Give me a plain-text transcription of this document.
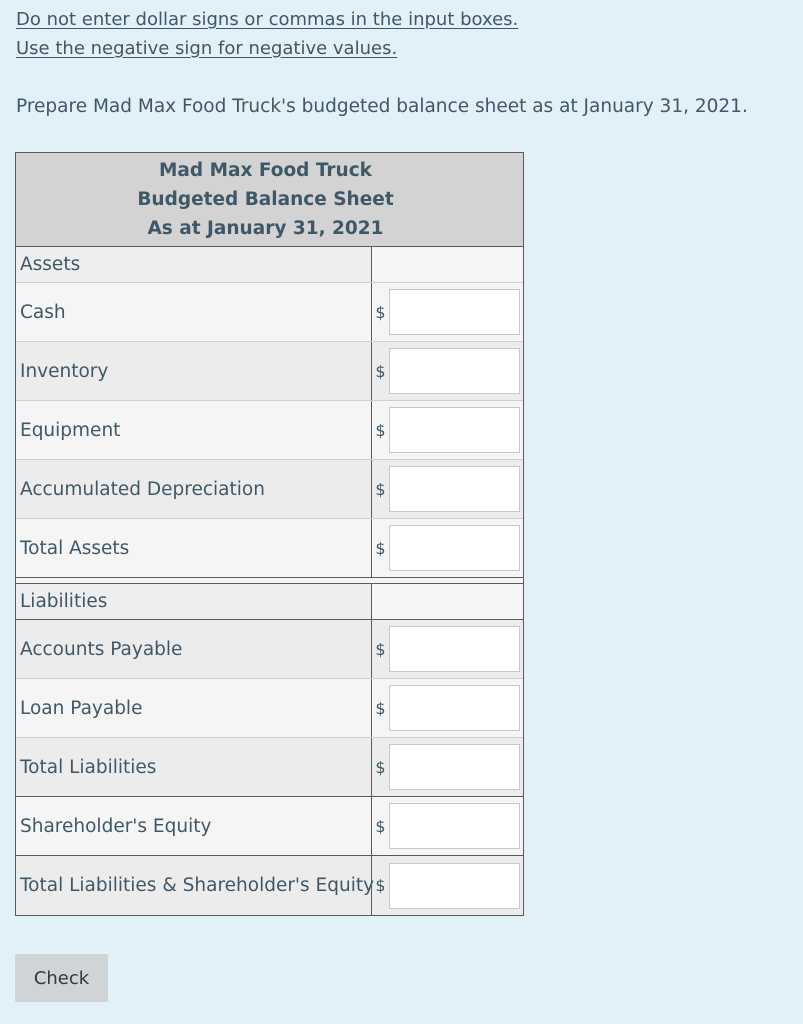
Do not enter dollar signs or commas in the input boxes.
Use the negative sign for negative values.
Prepare Mad Max Food Truck's budgeted balance sheet as at January 31, 2021.
Mad Max Food Truck
Budgeted Balance Sheet
As at January 31, 2021
Assets
Cash	$
Inventory	$
Equipment	$
Accumulated Depreciation	$
Total Assets	$
Liabilities
Accounts Payable	$
Loan Payable	$
Total Liabilities	$
Shareholder's Equity	$
Total Liabilities & Shareholder's Equity $
Check
